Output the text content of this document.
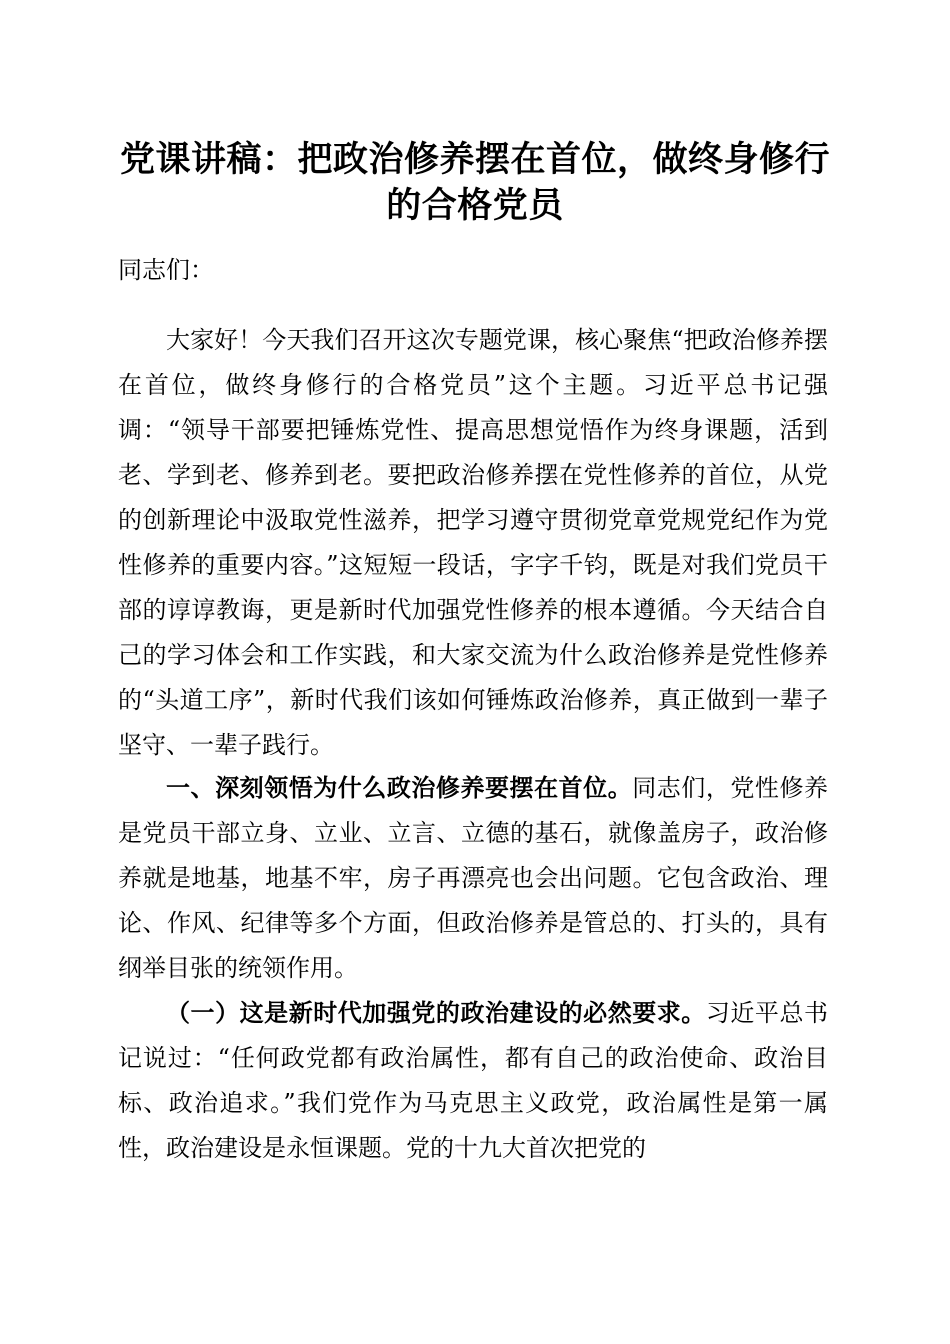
党课讲稿：把政治修养摆在首位，做终身修行
的合格党员
同志们：

大家好！今天我们召开这次专题党课，核心聚焦“把政治修养摆在首位，做终身修行的合格党员”这个主题。习近平总书记强调：“领导干部要把锤炼党性、提高思想觉悟作为终身课题，活到老、学到老、修养到老。要把政治修养摆在党性修养的首位，从党的创新理论中汲取党性滋养，把学习遵守贯彻党章党规党纪作为党性修养的重要内容。”这短短一段话，字字千钧，既是对我们党员干部的谆谆教诲，更是新时代加强党性修养的根本遵循。今天结合自己的学习体会和工作实践，和大家交流为什么政治修养是党性修养的“头道工序”，新时代我们该如何锤炼政治修养，真正做到一辈子坚守、一辈子践行。

一、深刻领悟为什么政治修养要摆在首位。同志们，党性修养是党员干部立身、立业、立言、立德的基石，就像盖房子，政治修养就是地基，地基不牢，房子再漂亮也会出问题。它包含政治、理论、作风、纪律等多个方面，但政治修养是管总的、打头的，具有纲举目张的统领作用。

（一）这是新时代加强党的政治建设的必然要求。习近平总书记说过：“任何政党都有政治属性，都有自己的政治使命、政治目标、政治追求。”我们党作为马克思主义政党，政治属性是第一属性，政治建设是永恒课题。党的十九大首次把党的
